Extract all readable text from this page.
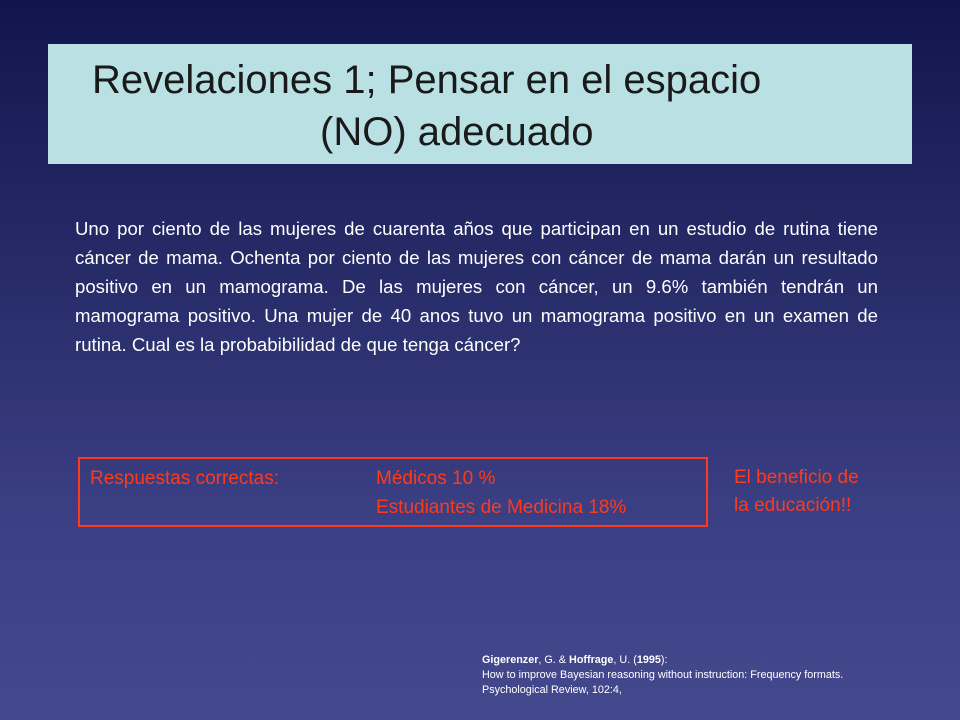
Revelaciones 1; Pensar en el espacio
(NO) adecuado

Uno por ciento de las mujeres de cuarenta años que participan en un estudio de rutina tiene cáncer de mama. Ochenta por ciento de las mujeres con cáncer de mama darán un resultado positivo en un mamograma. De las mujeres con cáncer, un 9.6% también tendrán un mamograma positivo. Una mujer de 40 anos tuvo un mamograma positivo en un examen de rutina. Cual es la probabibilidad de que tenga cáncer?

Respuestas correctas:	Médicos 10 %
Estudiantes de Medicina 18%
El beneficio de
la educación!!
Gigerenzer, G. & Hoffrage, U. (1995):
How to improve Bayesian reasoning without instruction: Frequency formats.
Psychological Review, 102:4,
